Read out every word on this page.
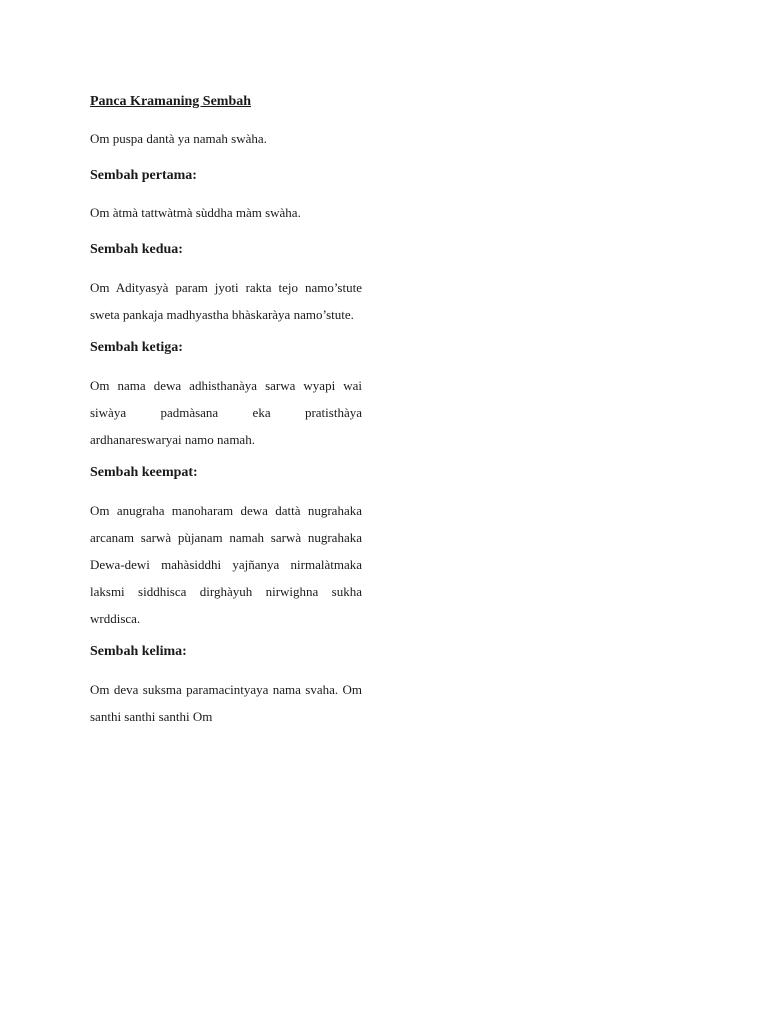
Panca Kramaning Sembah

Om puspa dantà ya namah swàha.

Sembah pertama:

Om àtmà tattwàtmà sùddha màm swàha.

Sembah kedua:

Om Adityasyà param jyoti rakta tejo namo’stute sweta pankaja madhyastha bhàskaràya namo’stute.

Sembah ketiga:

Om nama dewa adhisthanàya sarwa wyapi wai siwàya padmàsana eka pratisthàya ardhanareswaryai namo namah.

Sembah keempat:

Om anugraha manoharam dewa dattà nugrahaka arcanam sarwà pùjanam namah sarwà nugrahaka Dewa-dewi mahàsiddhi yajñanya nirmalàtmaka laksmi siddhisca dirghàyuh nirwighna sukha wrddisca.

Sembah kelima:

Om deva suksma paramacintyaya nama svaha. Om santhi santhi santhi Om
